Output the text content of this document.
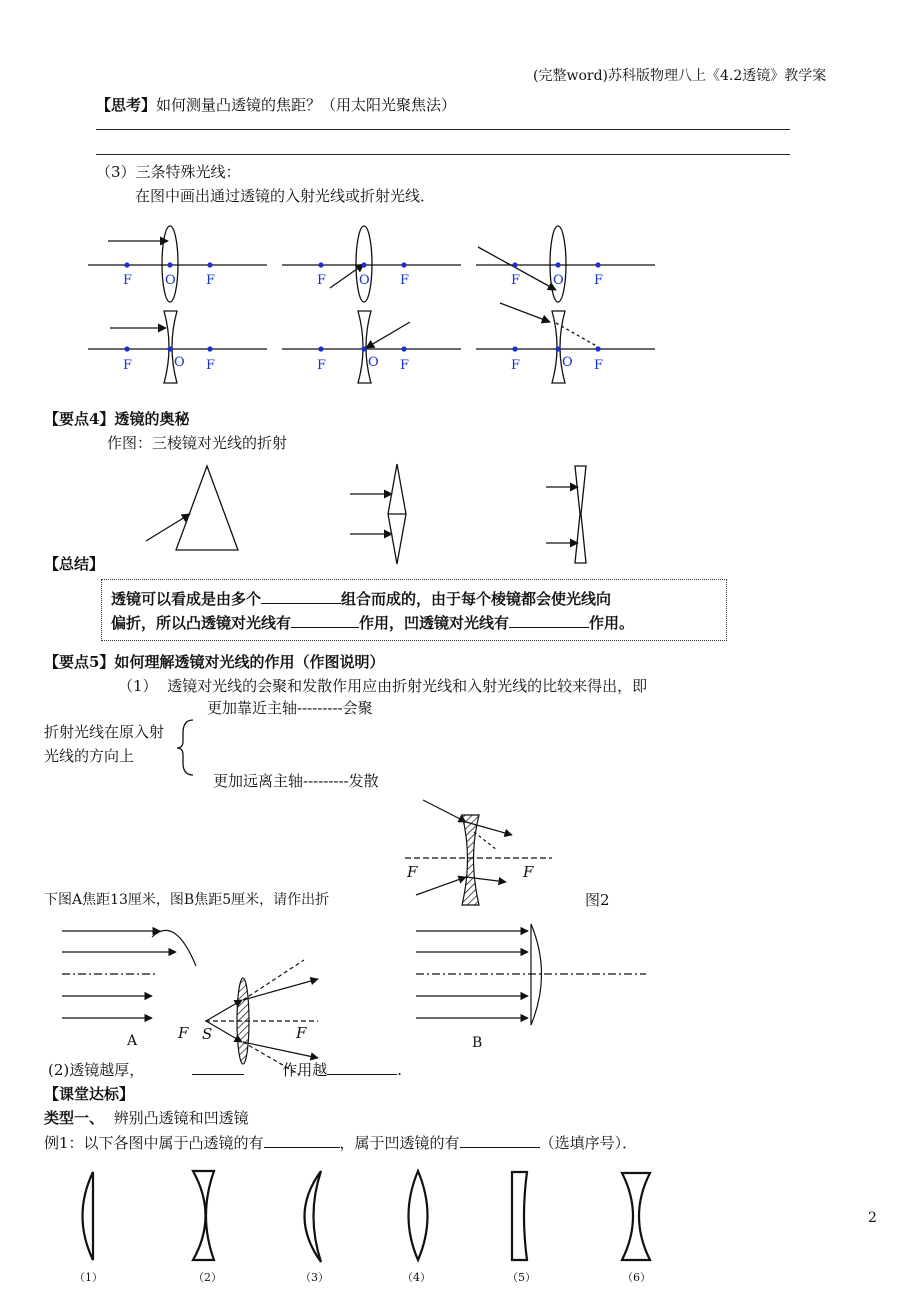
(完整word)苏科版物理八上《4.2透镜》教学案
【思考】如何测量凸透镜的焦距？（用太阳光聚焦法）
（3）三条特殊光线：
在图中画出通过透镜的入射光线或折射光线．
F	O F	F	O F	F	O F
F	O F	F	O F	F	O F
【要点4】透镜的奥秘
作图：三棱镜对光线的折射
【总结】
透镜可以看成是由多个	组合而成的，由于每个棱镜都会使光线向
偏折，所以凸透镜对光线有	作用，凹透镜对光线有	作用。
【要点5】如何理解透镜对光线的作用（作图说明）
（1） 透镜对光线的会聚和发散作用应由折射光线和入射光线的比较来得出，即
更加靠近主轴---------会聚
折射光线在原入射
光线的方向上
更加远离主轴---------发散
F	F
下图A焦距13厘米，图B焦距5厘米，请作出折	图2
A	F S	F
B
(2)透镜越厚，	作用越	.
【课堂达标】
类型一、 辨别凸透镜和凹透镜
例1：以下各图中属于凸透镜的有	，属于凹透镜的有	（选填序号）．
（1）	（2）	（3）	（4）	（5）	（6）
2
